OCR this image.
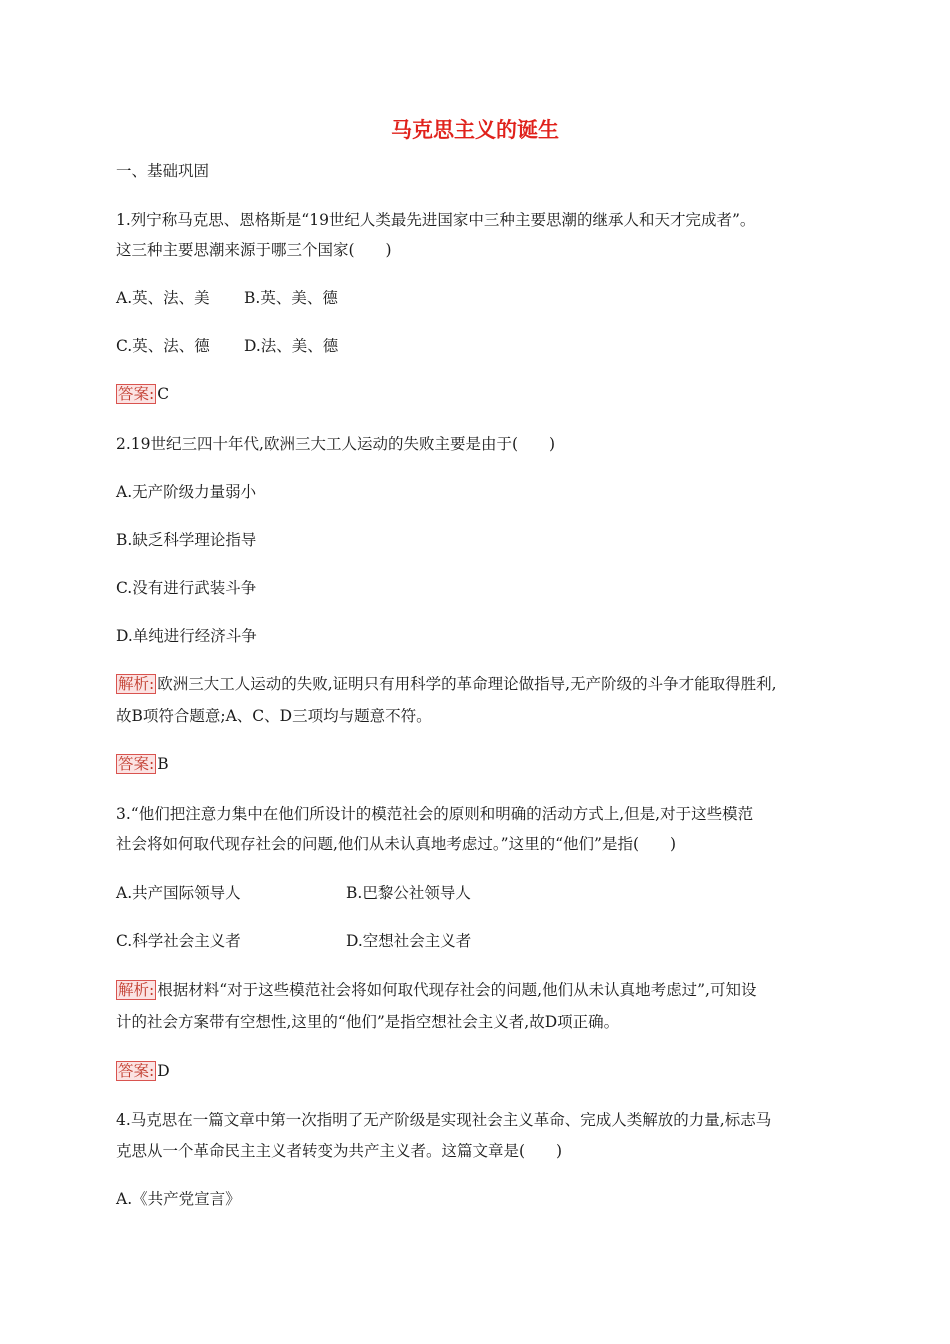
马克思主义的诞生
一、基础巩固
1.列宁称马克思、恩格斯是“19世纪人类最先进国家中三种主要思潮的继承人和天才完成者”。
这三种主要思潮来源于哪三个国家(　　)
A.英、法、美 B.英、美、德
C.英、法、德 D.法、美、德
答案: C
2.19世纪三四十年代,欧洲三大工人运动的失败主要是由于(　　)
A.无产阶级力量弱小
B.缺乏科学理论指导
C.没有进行武装斗争
D.单纯进行经济斗争
解析: 欧洲三大工人运动的失败,证明只有用科学的革命理论做指导,无产阶级的斗争才能取得胜利,
故B项符合题意;A、C、D三项均与题意不符。
答案: B
3.“他们把注意力集中在他们所设计的模范社会的原则和明确的活动方式上,但是,对于这些模范
社会将如何取代现存社会的问题,他们从未认真地考虑过。”这里的“他们”是指(　　)
A.共产国际领导人	B.巴黎公社领导人
C.科学社会主义者	D.空想社会主义者
解析: 根据材料“对于这些模范社会将如何取代现存社会的问题,他们从未认真地考虑过”,可知设
计的社会方案带有空想性,这里的“他们”是指空想社会主义者,故D项正确。
答案: D
4.马克思在一篇文章中第一次指明了无产阶级是实现社会主义革命、完成人类解放的力量,标志马
克思从一个革命民主主义者转变为共产主义者。这篇文章是(　　)
A.《共产党宣言》
